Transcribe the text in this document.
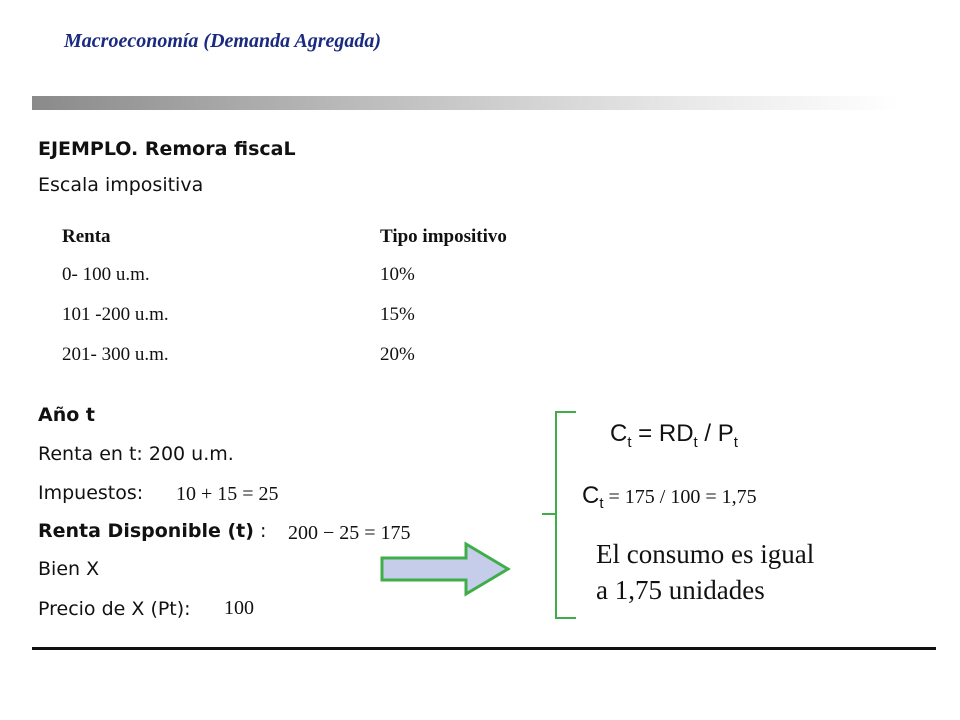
Macroeconomía (Demanda Agregada)
EJEMPLO. Remora fiscaL
Escala impositiva
Renta	Tipo impositivo
0- 100 u.m.	10%
101 -200 u.m.	15%
201- 300 u.m.	20%
Año t
Renta en t: 200 u.m.
Impuestos: 10 + 15 = 25
Renta Disponible (t) : 200 − 25 = 175
Bien X
Precio de X (Pt): 100
$C_t = RD_t / P_t$
$C_t = 175 / 100 = 1,75$
El consumo es igual
a 1,75 unidades
